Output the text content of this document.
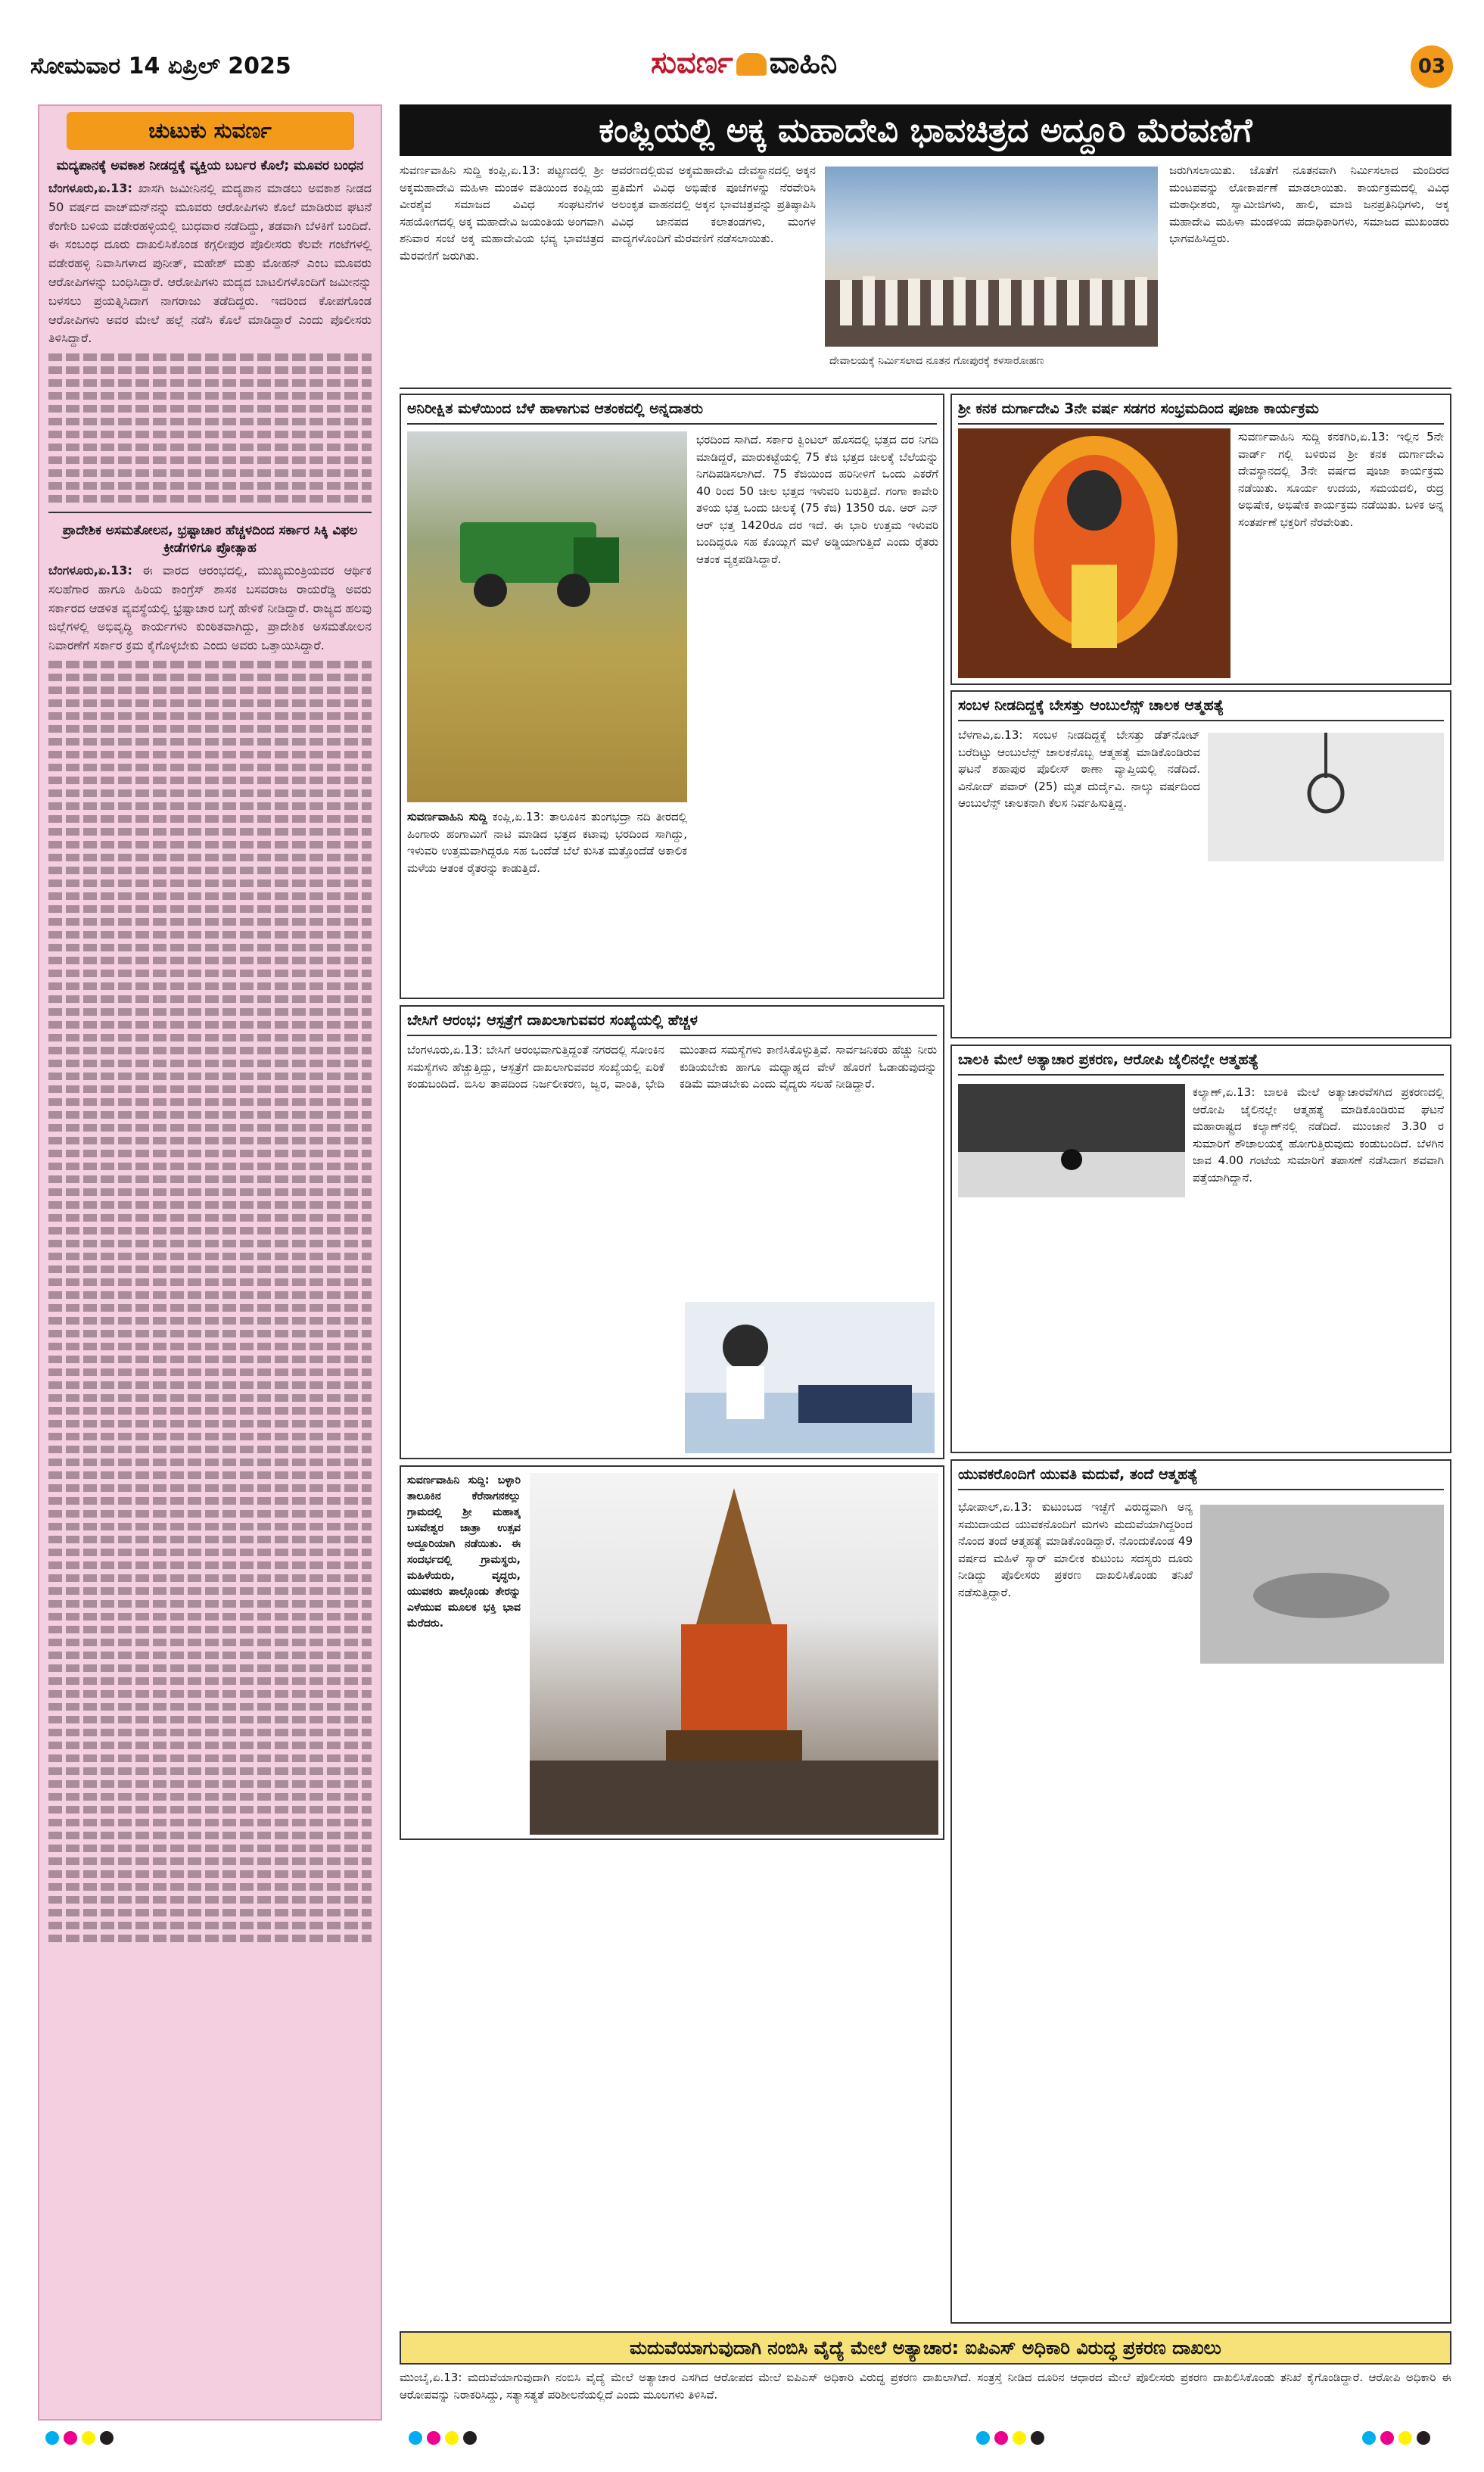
ಸೋಮವಾರ 14 ಏಪ್ರಿಲ್ 2025	ಸುವರ್ಣ ವಾಹಿನಿ	03
ಚುಟುಕು ಸುವರ್ಣ
ಮದ್ಯಪಾನಕ್ಕೆ ಅವಕಾಶ ನೀಡದ್ದಕ್ಕೆ ವ್ಯಕ್ತಿಯ ಬರ್ಬರ ಕೊಲೆ; ಮೂವರ ಬಂಧನ
ಬೆಂಗಳೂರು,ಏ.13: ಖಾಸಗಿ ಜಮೀನಿನಲ್ಲಿ ಮದ್ಯಪಾನ ಮಾಡಲು ಅವಕಾಶ ನೀಡದ 50 ವರ್ಷದ ವಾಚ್‌ಮನ್‌ನನ್ನು ಮೂವರು ಆರೋಪಿಗಳು ಕೊಲೆ ಮಾಡಿರುವ ಘಟನೆ ಕೆಂಗೇರಿ ಬಳಿಯ ವಡೇರಹಳ್ಳಿಯಲ್ಲಿ ಬುಧವಾರ ನಡೆದಿದ್ದು, ತಡವಾಗಿ ಬೆಳಕಿಗೆ ಬಂದಿದೆ. ಈ ಸಂಬಂಧ ದೂರು ದಾಖಲಿಸಿಕೊಂಡ ಕಗ್ಗಲೀಪುರ ಪೊಲೀಸರು ಕೆಲವೇ ಗಂಟೆಗಳಲ್ಲಿ ವಡೇರಹಳ್ಳಿ ನಿವಾಸಿಗಳಾದ ಪುನೀತ್, ಮಹೇಶ್ ಮತ್ತು ಮೋಹನ್ ಎಂಬ ಮೂವರು ಆರೋಪಿಗಳನ್ನು ಬಂಧಿಸಿದ್ದಾರೆ. ಆರೋಪಿಗಳು ಮದ್ಯದ ಬಾಟಲಿಗಳೊಂದಿಗೆ ಜಮೀನನ್ನು ಬಳಸಲು ಪ್ರಯತ್ನಿಸಿದಾಗ ನಾಗರಾಜು ತಡೆದಿದ್ದರು. ಇದರಿಂದ ಕೋಪಗೊಂಡ ಆರೋಪಿಗಳು ಅವರ ಮೇಲೆ ಹಲ್ಲೆ ನಡೆಸಿ ಕೊಲೆ ಮಾಡಿದ್ದಾರೆ ಎಂದು ಪೊಲೀಸರು ತಿಳಿಸಿದ್ದಾರೆ.
ಪ್ರಾದೇಶಿಕ ಅಸಮತೋಲನ, ಭ್ರಷ್ಟಾಚಾರ ಹೆಚ್ಚಳದಿಂದ ಸರ್ಕಾರ ಸಿಕ್ಕಿ ವಿಫಲ ಕ್ರೀಡೆಗಳಿಗೂ ಪ್ರೋತ್ಸಾಹ
ಬೆಂಗಳೂರು,ಏ.13: ಈ ವಾರದ ಆರಂಭದಲ್ಲಿ, ಮುಖ್ಯಮಂತ್ರಿಯವರ ಆರ್ಥಿಕ ಸಲಹೆಗಾರ ಹಾಗೂ ಹಿರಿಯ ಕಾಂಗ್ರೆಸ್ ಶಾಸಕ ಬಸವರಾಜ ರಾಯರೆಡ್ಡಿ ಅವರು ಸರ್ಕಾರದ ಆಡಳಿತ ವ್ಯವಸ್ಥೆಯಲ್ಲಿ ಭ್ರಷ್ಟಾಚಾರ ಬಗ್ಗೆ ಹೇಳಿಕೆ ನೀಡಿದ್ದಾರೆ. ರಾಜ್ಯದ ಹಲವು ಜಿಲ್ಲೆಗಳಲ್ಲಿ ಅಭಿವೃದ್ಧಿ ಕಾರ್ಯಗಳು ಕುಂಠಿತವಾಗಿದ್ದು, ಪ್ರಾದೇಶಿಕ ಅಸಮತೋಲನ ನಿವಾರಣೆಗೆ ಸರ್ಕಾರ ಕ್ರಮ ಕೈಗೊಳ್ಳಬೇಕು ಎಂದು ಅವರು ಒತ್ತಾಯಿಸಿದ್ದಾರೆ.
ಕಂಪ್ಲಿಯಲ್ಲಿ ಅಕ್ಕ ಮಹಾದೇವಿ ಭಾವಚಿತ್ರದ ಅದ್ದೂರಿ ಮೆರವಣಿಗೆ
ಸುವರ್ಣವಾಹಿನಿ ಸುದ್ದಿ ಕಂಪ್ಲಿ,ಏ.13: ಪಟ್ಟಣದಲ್ಲಿ ಶ್ರೀ ಅಕ್ಕಮಹಾದೇವಿ ಮಹಿಳಾ ಮಂಡಳಿ ವತಿಯಿಂದ ಕಂಪ್ಲಿಯ ವೀರಶೈವ ಸಮಾಜದ ವಿವಿಧ ಸಂಘಟನೆಗಳ ಸಹಯೋಗದಲ್ಲಿ ಅಕ್ಕ ಮಹಾದೇವಿ ಜಯಂತಿಯ ಅಂಗವಾಗಿ ಶನಿವಾರ ಸಂಜೆ ಅಕ್ಕ ಮಹಾದೇವಿಯ ಭವ್ಯ ಭಾವಚಿತ್ರದ ಮೆರವಣಿಗೆ ಜರುಗಿತು.
ಆವರಣದಲ್ಲಿರುವ ಅಕ್ಕಮಹಾದೇವಿ ದೇವಸ್ಥಾನದಲ್ಲಿ ಅಕ್ಕನ ಪ್ರತಿಮೆಗೆ ವಿವಿಧ ಅಭಿಷೇಕ ಪೂಜೆಗಳನ್ನು ನೆರವೇರಿಸಿ ಅಲಂಕೃತ ವಾಹನದಲ್ಲಿ ಅಕ್ಕನ ಭಾವಚಿತ್ರವನ್ನು ಪ್ರತಿಷ್ಠಾಪಿಸಿ ವಿವಿಧ ಜಾನಪದ ಕಲಾತಂಡಗಳು, ಮಂಗಳ ವಾದ್ಯಗಳೊಂದಿಗೆ ಮೆರವಣಿಗೆ ನಡೆಸಲಾಯಿತು.
ದೇವಾಲಯಕ್ಕೆ ನಿರ್ಮಿಸಲಾದ ನೂತನ ಗೋಪುರಕ್ಕೆ ಕಳಸಾರೋಹಣ
ಜರುಗಿಸಲಾಯಿತು. ಜೊತೆಗೆ ನೂತನವಾಗಿ ನಿರ್ಮಿಸಲಾದ ಮಂದಿರದ ಮಂಟಪವನ್ನು ಲೋಕಾರ್ಪಣೆ ಮಾಡಲಾಯಿತು. ಕಾರ್ಯಕ್ರಮದಲ್ಲಿ ವಿವಿಧ ಮಠಾಧೀಶರು, ಸ್ವಾಮೀಜಿಗಳು, ಹಾಲಿ, ಮಾಜಿ ಜನಪ್ರತಿನಿಧಿಗಳು, ಅಕ್ಕ ಮಹಾದೇವಿ ಮಹಿಳಾ ಮಂಡಳಿಯ ಪದಾಧಿಕಾರಿಗಳು, ಸಮಾಜದ ಮುಖಂಡರು ಭಾಗವಹಿಸಿದ್ದರು.
ಅನಿರೀಕ್ಷಿತ ಮಳೆಯಿಂದ ಬೆಳೆ ಹಾಳಾಗುವ ಆತಂಕದಲ್ಲಿ ಅನ್ನದಾತರು
ಸುವರ್ಣವಾಹಿನಿ ಸುದ್ದಿ ಕಂಪ್ಲಿ,ಏ.13: ತಾಲೂಕಿನ ತುಂಗಭದ್ರಾ ನದಿ ತೀರದಲ್ಲಿ ಹಿಂಗಾರು ಹಂಗಾಮಿಗೆ ನಾಟಿ ಮಾಡಿದ ಭತ್ತದ ಕಟಾವು ಭರದಿಂದ ಸಾಗಿದ್ದು, ಇಳುವರಿ ಉತ್ತಮವಾಗಿದ್ದರೂ ಸಹ ಒಂದೆಡೆ ಬೆಲೆ ಕುಸಿತ ಮತ್ತೊಂದೆಡೆ ಅಕಾಲಿಕ ಮಳೆಯ ಆತಂಕ ರೈತರನ್ನು ಕಾಡುತ್ತಿದೆ.
ಭರದಿಂದ ಸಾಗಿದೆ. ಸರ್ಕಾರ ಕ್ವಿಂಟಲ್ ಹೊಸದಲ್ಲಿ ಭತ್ತದ ದರ ನಿಗದಿ ಮಾಡಿದ್ದರೆ, ಮಾರುಕಟ್ಟೆಯಲ್ಲಿ 75 ಕೆಜಿ ಭತ್ತದ ಚೀಲಕ್ಕೆ ಬೆಲೆಯನ್ನು ನಿಗದಿಪಡಿಸಲಾಗಿದೆ. 75 ಕೆಜಿಯಿಂದ ಹರಿನೀಳಿಗೆ ಒಂದು ಎಕರೆಗೆ 40 ರಿಂದ 50 ಚೀಲ ಭತ್ತದ ಇಳುವರಿ ಬರುತ್ತಿದೆ. ಗಂಗಾ ಕಾವೇರಿ ತಳಿಯ ಭತ್ತ ಒಂದು ಚೀಲಕ್ಕೆ (75 ಕೆಜಿ) 1350 ರೂ. ಆರ್ ಎನ್ ಆರ್ ಭತ್ತ 1420ರೂ ದರ ಇದೆ. ಈ ಭಾರಿ ಉತ್ತಮ ಇಳುವರಿ ಬಂದಿದ್ದರೂ ಸಹ ಕೊಯ್ಲಿಗೆ ಮಳೆ ಅಡ್ಡಿಯಾಗುತ್ತಿದೆ ಎಂದು ರೈತರು ಆತಂಕ ವ್ಯಕ್ತಪಡಿಸಿದ್ದಾರೆ.
ಶ್ರೀ ಕನಕ ದುರ್ಗಾದೇವಿ 3ನೇ ವರ್ಷ ಸಡಗರ ಸಂಭ್ರಮದಿಂದ ಪೂಜಾ ಕಾರ್ಯಕ್ರಮ
ಸುವರ್ಣವಾಹಿನಿ ಸುದ್ದಿ ಕನಕಗಿರಿ,ಏ.13: ಇಲ್ಲಿನ 5ನೇ ವಾರ್ಡ್ ಗಲ್ಲಿ ಬಳಿರುವ ಶ್ರೀ ಕನಕ ದುರ್ಗಾದೇವಿ ದೇವಸ್ಥಾನದಲ್ಲಿ 3ನೇ ವರ್ಷದ ಪೂಜಾ ಕಾರ್ಯಕ್ರಮ ನಡೆಯಿತು. ಸೂರ್ಯ ಉದಯ, ಸಮಯದಲಿ, ರುದ್ರ ಅಭಿಷೇಕ, ಅಭಿಷೇಕ ಕಾರ್ಯಕ್ರಮ ನಡೆಯಿತು. ಬಳಿಕ ಅನ್ನ ಸಂತರ್ಪಣೆ ಭಕ್ತರಿಗೆ ನೆರವೇರಿತು.
ಸಂಬಳ ನೀಡದಿದ್ದಕ್ಕೆ ಬೇಸತ್ತು ಆಂಬುಲೆನ್ಸ್ ಚಾಲಕ ಆತ್ಮಹತ್ಯೆ
ಬೆಳಗಾವಿ,ಏ.13: ಸಂಬಳ ನೀಡದಿದ್ದಕ್ಕೆ ಬೇಸತ್ತು ಡೆತ್‌ನೋಟ್ ಬರೆದಿಟ್ಟು ಆಂಬುಲೆನ್ಸ್ ಚಾಲಕನೊಬ್ಬ ಆತ್ಮಹತ್ಯೆ ಮಾಡಿಕೊಂಡಿರುವ ಘಟನೆ ಶಹಾಪುರ ಪೊಲೀಸ್ ಠಾಣಾ ವ್ಯಾಪ್ತಿಯಲ್ಲಿ ನಡೆದಿದೆ. ವಿನೋದ್ ಪವಾರ್ (25) ಮೃತ ದುರ್ದೈವಿ. ನಾಲ್ಕು ವರ್ಷದಿಂದ ಆಂಬುಲೆನ್ಸ್ ಚಾಲಕನಾಗಿ ಕೆಲಸ ನಿರ್ವಹಿಸುತ್ತಿದ್ದ.
ಬೇಸಿಗೆ ಆರಂಭ; ಆಸ್ಪತ್ರೆಗೆ ದಾಖಲಾಗುವವರ ಸಂಖ್ಯೆಯಲ್ಲಿ ಹೆಚ್ಚಳ
ಬೆಂಗಳೂರು,ಏ.13: ಬೇಸಿಗೆ ಆರಂಭವಾಗುತ್ತಿದ್ದಂತೆ ನಗರದಲ್ಲಿ ಸೋಂಕಿನ ಸಮಸ್ಯೆಗಳು ಹೆಚ್ಚುತ್ತಿದ್ದು, ಆಸ್ಪತ್ರೆಗೆ ದಾಖಲಾಗುವವರ ಸಂಖ್ಯೆಯಲ್ಲಿ ಏರಿಕೆ ಕಂಡುಬಂದಿದೆ. ಬಿಸಿಲ ತಾಪದಿಂದ ನಿರ್ಜಲೀಕರಣ, ಜ್ವರ, ವಾಂತಿ, ಭೇದಿ ಮುಂತಾದ ಸಮಸ್ಯೆಗಳು ಕಾಣಿಸಿಕೊಳ್ಳುತ್ತಿವೆ. ಸಾರ್ವಜನಿಕರು ಹೆಚ್ಚು ನೀರು ಕುಡಿಯಬೇಕು ಹಾಗೂ ಮಧ್ಯಾಹ್ನದ ವೇಳೆ ಹೊರಗೆ ಓಡಾಡುವುದನ್ನು ಕಡಿಮೆ ಮಾಡಬೇಕು ಎಂದು ವೈದ್ಯರು ಸಲಹೆ ನೀಡಿದ್ದಾರೆ.
ಸುವರ್ಣವಾಹಿನಿ ಸುದ್ದಿ: ಬಳ್ಳಾರಿ ತಾಲೂಕಿನ ಕೆರೆನಾಗನಕಲ್ಲು ಗ್ರಾಮದಲ್ಲಿ ಶ್ರೀ ಮಹಾತ್ಮ ಬಸವೇಶ್ವರ ಜಾತ್ರಾ ಉತ್ಸವ ಅದ್ದೂರಿಯಾಗಿ ನಡೆಯಿತು. ಈ ಸಂದರ್ಭದಲ್ಲಿ ಗ್ರಾಮಸ್ಥರು, ಮಹಿಳೆಯರು, ವೃದ್ಧರು, ಯುವಕರು ಪಾಲ್ಗೊಂಡು ತೇರನ್ನು ಎಳೆಯುವ ಮೂಲಕ ಭಕ್ತಿ ಭಾವ ಮೆರೆದರು.
ಬಾಲಕಿ ಮೇಲೆ ಅತ್ಯಾಚಾರ ಪ್ರಕರಣ, ಆರೋಪಿ ಜೈಲಿನಲ್ಲೇ ಆತ್ಮಹತ್ಯೆ
ಕಲ್ಯಾಣ್,ಏ.13: ಬಾಲಕಿ ಮೇಲೆ ಅತ್ಯಾಚಾರವೆಸಗಿದ ಪ್ರಕರಣದಲ್ಲಿ ಆರೋಪಿ ಜೈಲಿನಲ್ಲೇ ಆತ್ಮಹತ್ಯೆ ಮಾಡಿಕೊಂಡಿರುವ ಘಟನೆ ಮಹಾರಾಷ್ಟ್ರದ ಕಲ್ಯಾಣ್‌ನಲ್ಲಿ ನಡೆದಿದೆ. ಮುಂಜಾನೆ 3.30 ರ ಸುಮಾರಿಗೆ ಶೌಚಾಲಯಕ್ಕೆ ಹೋಗುತ್ತಿರುವುದು ಕಂಡುಬಂದಿದೆ. ಬೆಳಗಿನ ಜಾವ 4.00 ಗಂಟೆಯ ಸುಮಾರಿಗೆ ತಪಾಸಣೆ ನಡೆಸಿದಾಗ ಶವವಾಗಿ ಪತ್ತೆಯಾಗಿದ್ದಾನೆ.
ಯುವಕರೊಂದಿಗೆ ಯುವತಿ ಮದುವೆ, ತಂದೆ ಆತ್ಮಹತ್ಯೆ
ಭೋಪಾಲ್,ಏ.13: ಕುಟುಂಬದ ಇಚ್ಛೆಗೆ ವಿರುದ್ಧವಾಗಿ ಅನ್ಯ ಸಮುದಾಯದ ಯುವಕನೊಂದಿಗೆ ಮಗಳು ಮದುವೆಯಾಗಿದ್ದರಿಂದ ನೊಂದ ತಂದೆ ಆತ್ಮಹತ್ಯೆ ಮಾಡಿಕೊಂಡಿದ್ದಾರೆ. ನೊಂದುಕೊಂಡ 49 ವರ್ಷದ ಮಹಿಳೆ ಸ್ಯಾರ್ ಮಾಲೀಕ ಕುಟುಂಬ ಸದಸ್ಯರು ದೂರು ನೀಡಿದ್ದು ಪೊಲೀಸರು ಪ್ರಕರಣ ದಾಖಲಿಸಿಕೊಂಡು ತನಿಖೆ ನಡೆಸುತ್ತಿದ್ದಾರೆ.
ಮದುವೆಯಾಗುವುದಾಗಿ ನಂಬಿಸಿ ವೈದ್ಯೆ ಮೇಲೆ ಅತ್ಯಾಚಾರ: ಐಪಿಎಸ್ ಅಧಿಕಾರಿ ವಿರುದ್ಧ ಪ್ರಕರಣ ದಾಖಲು
ಮುಂಬೈ,ಏ.13: ಮದುವೆಯಾಗುವುದಾಗಿ ನಂಬಿಸಿ ವೈದ್ಯೆ ಮೇಲೆ ಅತ್ಯಾಚಾರ ಎಸಗಿದ ಆರೋಪದ ಮೇಲೆ ಐಪಿಎಸ್ ಅಧಿಕಾರಿ ವಿರುದ್ಧ ಪ್ರಕರಣ ದಾಖಲಾಗಿದೆ. ಸಂತ್ರಸ್ತೆ ನೀಡಿದ ದೂರಿನ ಆಧಾರದ ಮೇಲೆ ಪೊಲೀಸರು ಪ್ರಕರಣ ದಾಖಲಿಸಿಕೊಂಡು ತನಿಖೆ ಕೈಗೊಂಡಿದ್ದಾರೆ. ಆರೋಪಿ ಅಧಿಕಾರಿ ಈ ಆರೋಪವನ್ನು ನಿರಾಕರಿಸಿದ್ದು, ಸತ್ಯಾಸತ್ಯತೆ ಪರಿಶೀಲನೆಯಲ್ಲಿದೆ ಎಂದು ಮೂಲಗಳು ತಿಳಿಸಿವೆ.
